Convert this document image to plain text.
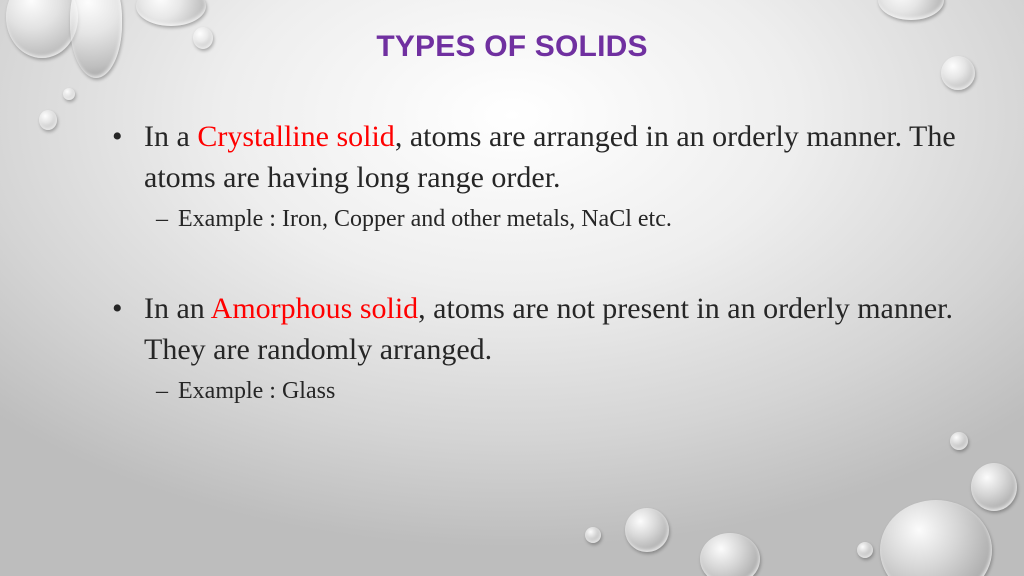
TYPES OF SOLIDS
• In a Crystalline solid, atoms are arranged in an orderly manner. The atoms are having long range order.
– Example : Iron, Copper and other metals, NaCl etc.
• In an Amorphous solid, atoms are not present in an orderly manner. They are randomly arranged.
– Example : Glass
